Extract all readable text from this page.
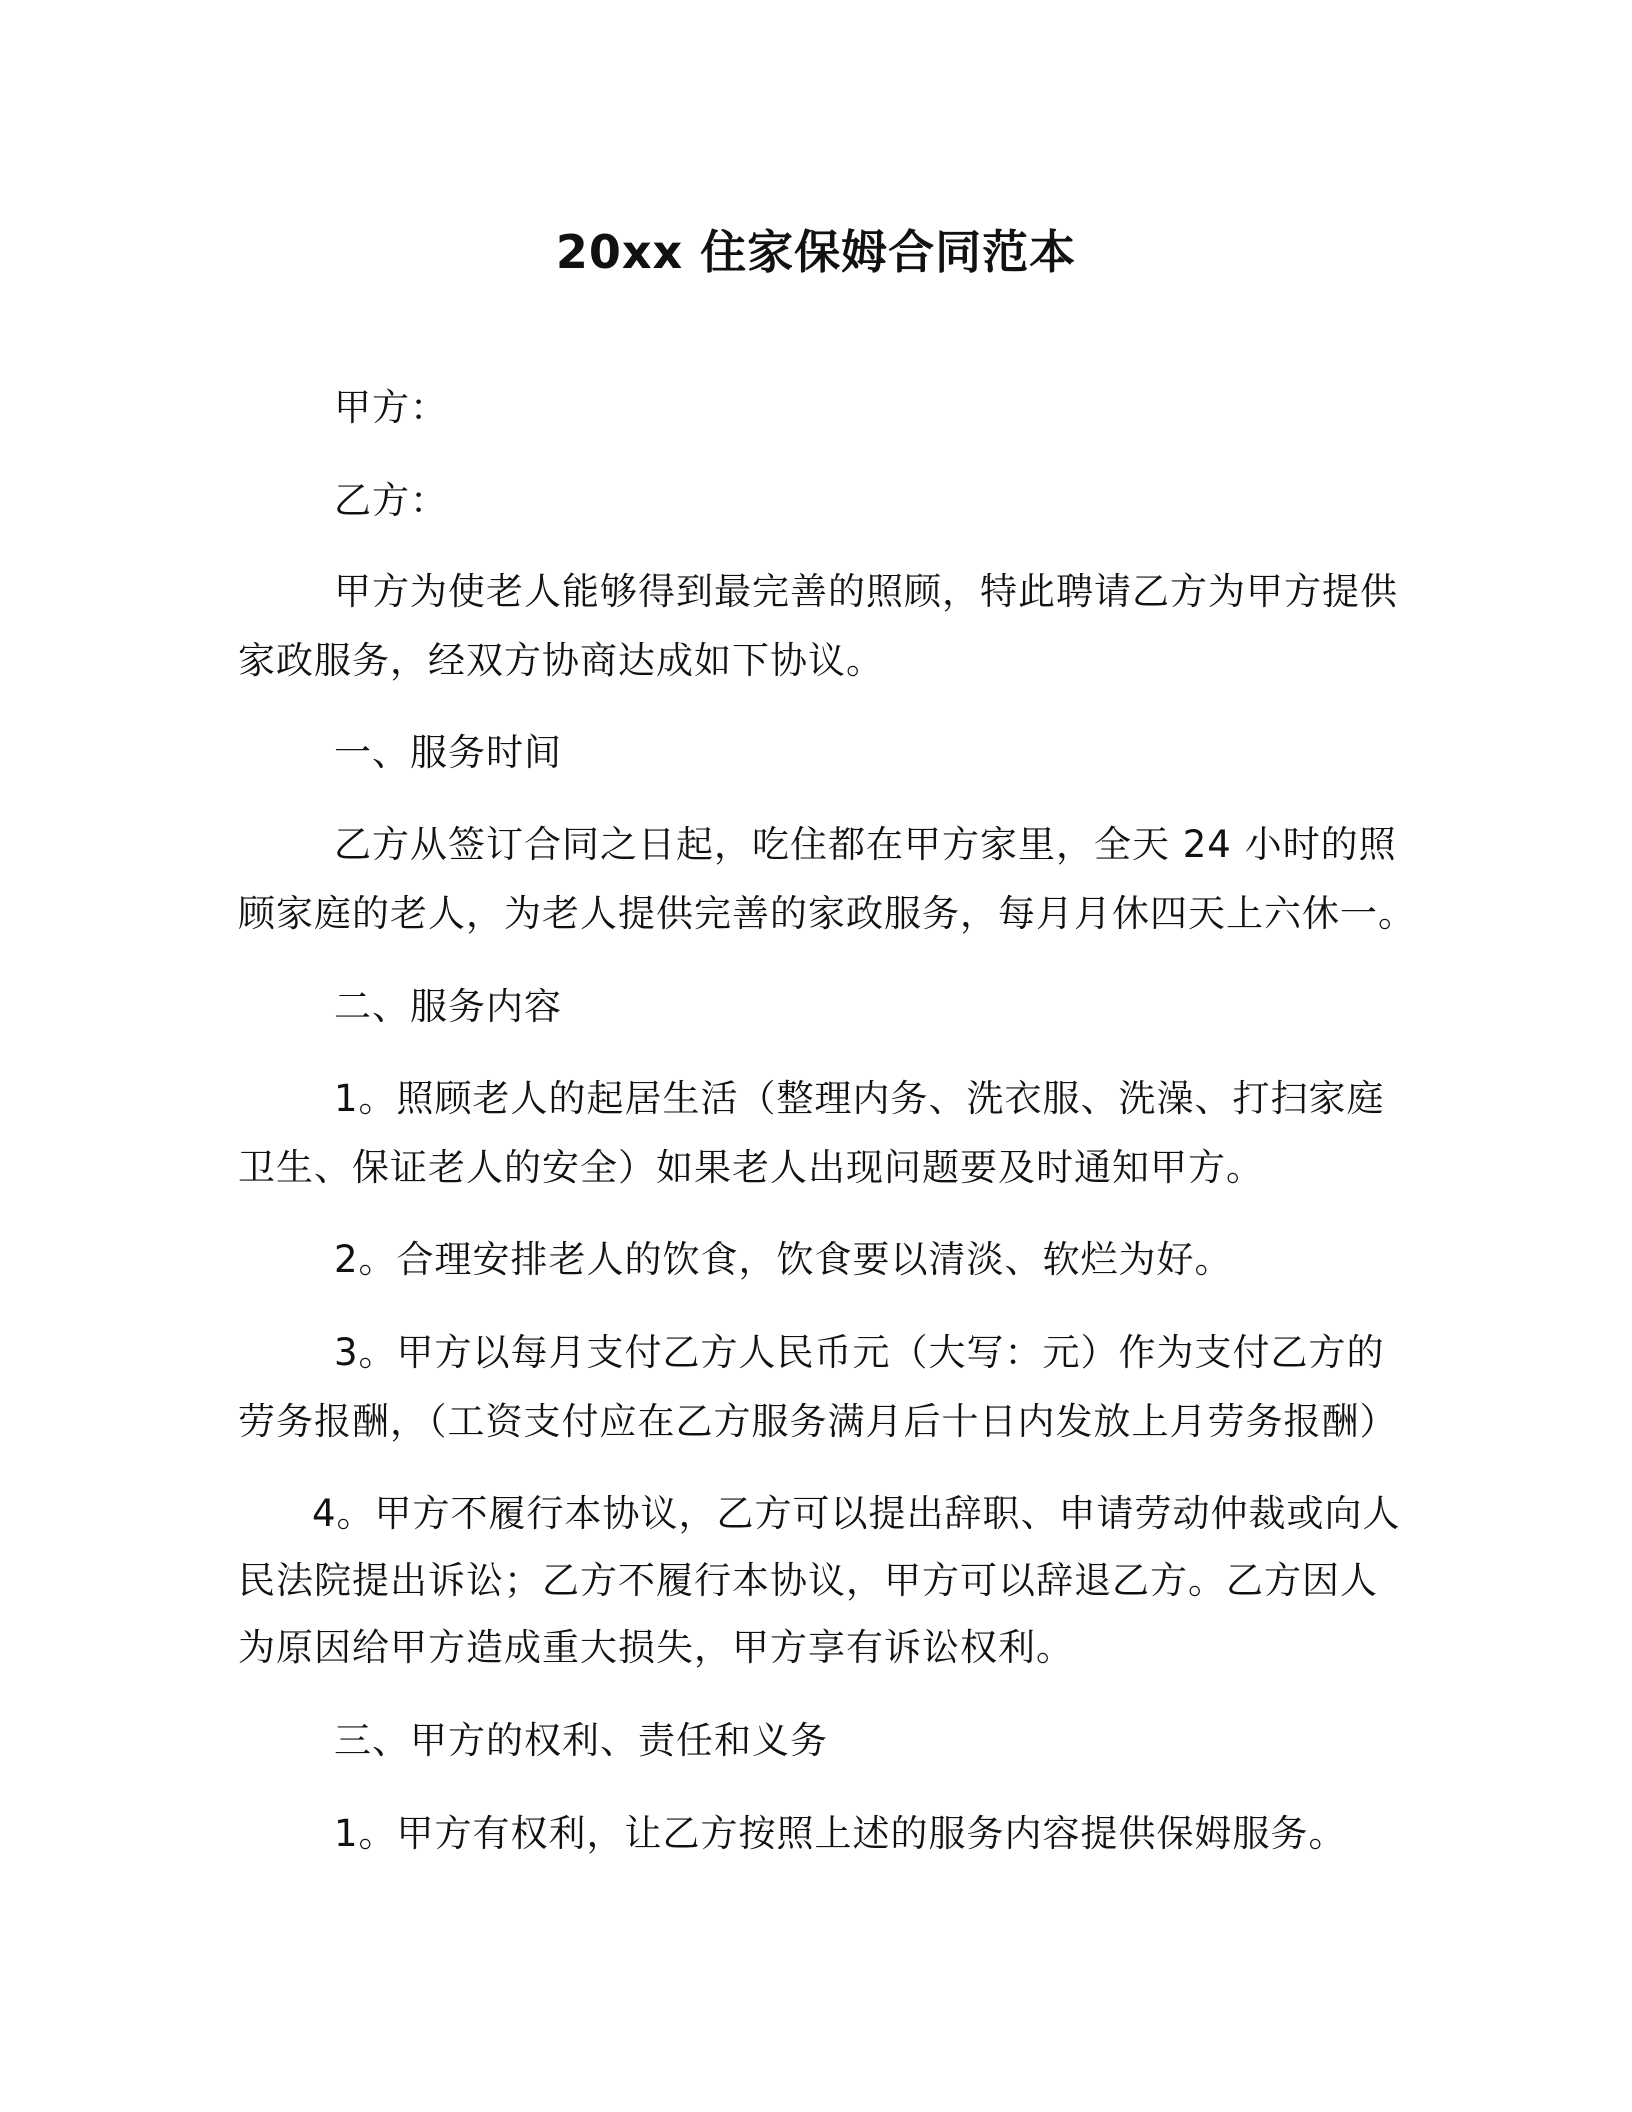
20xx 住家保姆合同范本
甲方：
乙方：
甲方为使老人能够得到最完善的照顾，特此聘请乙方为甲方提供
家政服务，经双方协商达成如下协议。
一、服务时间
乙方从签订合同之日起，吃住都在甲方家里，全天 24 小时的照
顾家庭的老人，为老人提供完善的家政服务，每月月休四天上六休一。
二、服务内容
1。照顾老人的起居生活（整理内务、洗衣服、洗澡、打扫家庭
卫生、保证老人的安全）如果老人出现问题要及时通知甲方。
2。合理安排老人的饮食，饮食要以清淡、软烂为好。
3。甲方以每月支付乙方人民币元（大写：元）作为支付乙方的
劳务报酬，（工资支付应在乙方服务满月后十日内发放上月劳务报酬）
4。甲方不履行本协议，乙方可以提出辞职、申请劳动仲裁或向人
民法院提出诉讼；乙方不履行本协议，甲方可以辞退乙方。乙方因人
为原因给甲方造成重大损失，甲方享有诉讼权利。
三、甲方的权利、责任和义务
1。甲方有权利，让乙方按照上述的服务内容提供保姆服务。
